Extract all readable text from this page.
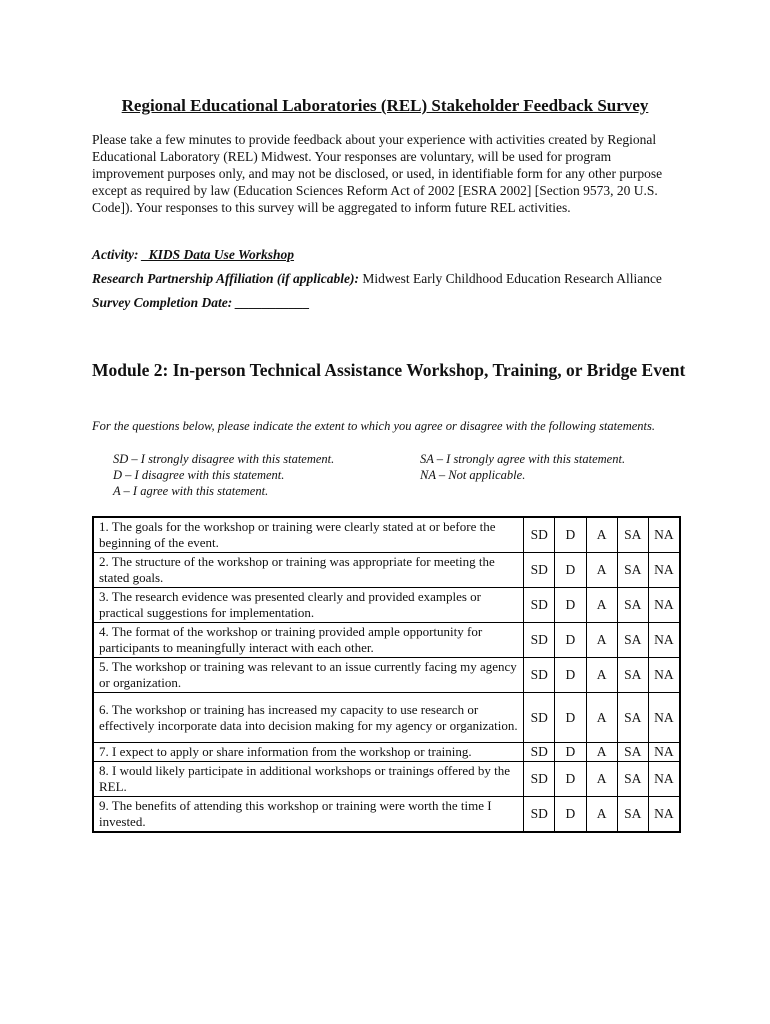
Regional Educational Laboratories (REL) Stakeholder Feedback Survey
Please take a few minutes to provide feedback about your experience with activities created by Regional Educational Laboratory (REL) Midwest. Your responses are voluntary, will be used for program improvement purposes only, and may not be disclosed, or used, in identifiable form for any other purpose except as required by law (Education Sciences Reform Act of 2002 [ESRA 2002] [Section 9573, 20 U.S. Code]). Your responses to this survey will be aggregated to inform future REL activities.
Activity: _KIDS Data Use Workshop
Research Partnership Affiliation (if applicable): Midwest Early Childhood Education Research Alliance
Survey Completion Date: ___________
Module 2: In-person Technical Assistance Workshop, Training, or Bridge Event
For the questions below, please indicate the extent to which you agree or disagree with the following statements.
SD – I strongly disagree with this statement.
D – I disagree with this statement.
A – I agree with this statement.
SA – I strongly agree with this statement.
NA – Not applicable.
1. The goals for the workshop or training were clearly stated at or before the beginning of the event.	SD	D	A	SA	NA
2. The structure of the workshop or training was appropriate for meeting the stated goals.	SD	D	A	SA	NA
3. The research evidence was presented clearly and provided examples or practical suggestions for implementation.	SD	D	A	SA	NA
4. The format of the workshop or training provided ample opportunity for participants to meaningfully interact with each other.	SD	D	A	SA	NA
5. The workshop or training was relevant to an issue currently facing my agency or organization.	SD	D	A	SA	NA
6. The workshop or training has increased my capacity to use research or effectively incorporate data into decision making for my agency or organization.	SD	D	A	SA	NA
7. I expect to apply or share information from the workshop or training.	SD	D	A	SA	NA
8. I would likely participate in additional workshops or trainings offered by the REL.	SD	D	A	SA	NA
9. The benefits of attending this workshop or training were worth the time I invested.	SD	D	A	SA	NA
